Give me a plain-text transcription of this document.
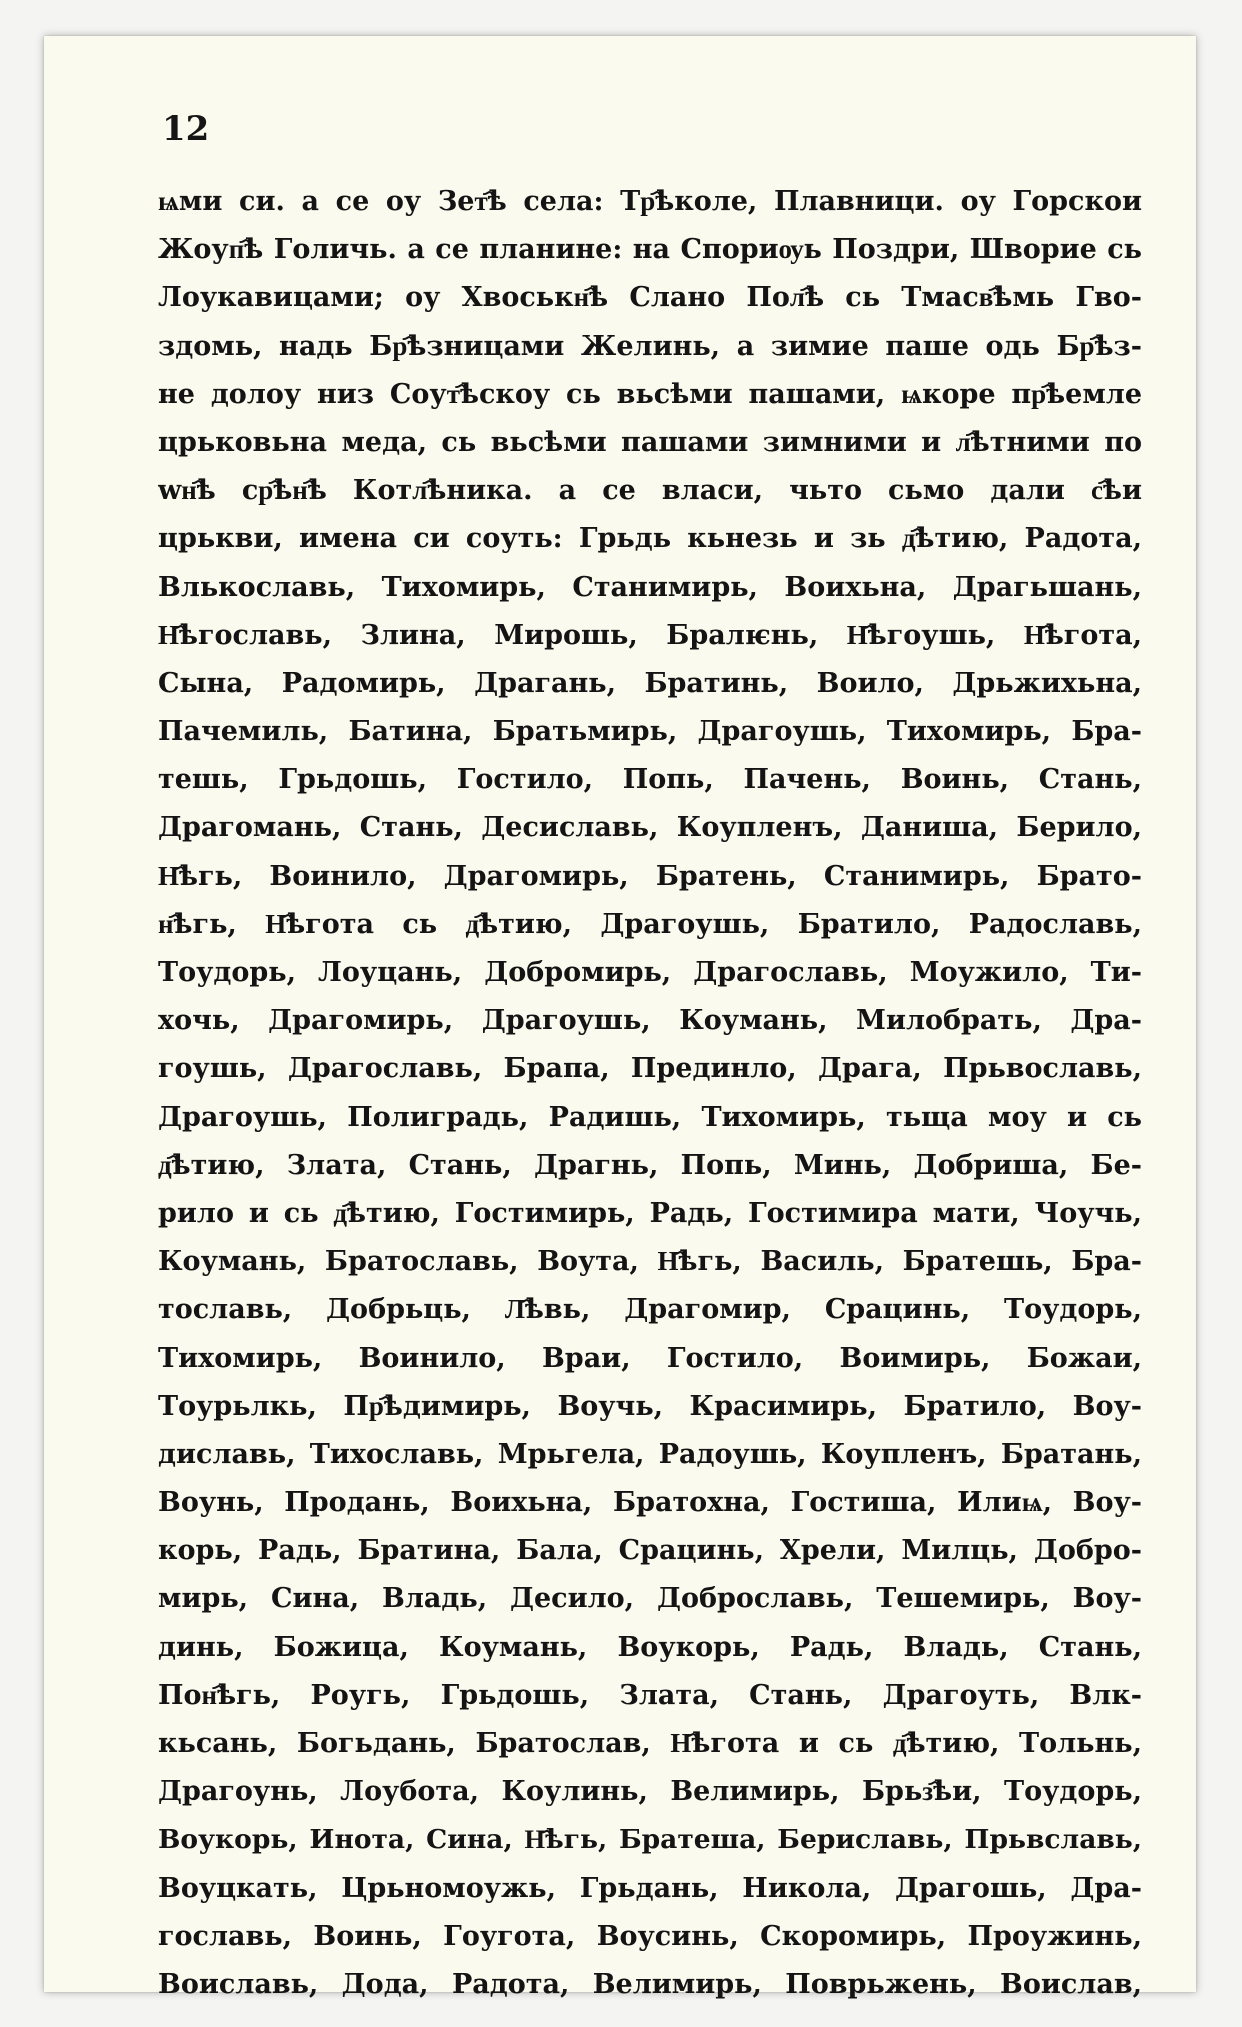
12
ѩми си. а се оу Зет҄ѣ села: Тр҄ѣколе, Плавници. оу Горскои
Жоуп҄ѣ Голичь. а се планине: на Спориѹь Поздри, Шворие сь
Лоукавицами; оу Хвоськн҄ѣ Слано Пол҄ѣ сь Тмасв҄ѣмь Гво-
здомь, надь Бр҄ѣзницами Желинь, а зимие паше одь Бр҄ѣз-
не долоу низ Соут҄ѣскоу сь вьсѣми пашами, ѩкоре пр҄ѣемле
црькoвьна меда, сь вьсѣми пашами зимними и л҄ѣтними по
wн҄ѣ ср҄ѣн҄ѣ Котл҄ѣника. а се власи, чьто сьмо дали с҄ѣи
црькви, имена си соуть: Грьдь кьнезь и зь д҄ѣтию, Радота,
Влькославь, Тихомирь, Станимирь, Воихьна, Драгьшань,
Н҄ѣгославь, Злина, Мирошь, Бралѥнь, Н҄ѣгоушь, Н҄ѣгота,
Сына, Радомирь, Драгань, Братинь, Воило, Дрьжихьна,
Пачемиль, Батина, Братьмирь, Драгоушь, Тихомирь, Бра-
тешь, Грьдошь, Гостило, Попь, Пачень, Воинь, Стань,
Драгомань, Стань, Десиславь, Коупленъ, Даниша, Берило,
Н҄ѣгь, Воинило, Драгомирь, Братень, Станимирь, Брато-
н҄ѣгь, Н҄ѣгота сь д҄ѣтию, Драгоушь, Братило, Радославь,
Тоудорь, Лоуцань, Добромирь, Драгославь, Моужило, Ти-
хочь, Драгомирь, Драгоушь, Коумань, Милобрать, Дра-
гоушь, Драгославь, Брапа, Прединло, Драга, Прьвославь,
Драгоушь, Полиградь, Радишь, Тихомирь, тьща моу и сь
д҄ѣтию, Злата, Стань, Драгнь, Попь, Минь, Добриша, Бе-
рило и сь д҄ѣтию, Гостимирь, Радь, Гостимира мати, Чоучь,
Коумань, Братославь, Воута, Н҄ѣгь, Василь, Братешь, Бра-
тославь, Добрьць, Л҄ѣвь, Драгомир, Срацинь, Тоудорь,
Тихомирь, Воинило, Враи, Гостило, Воимирь, Божаи,
Тоурьлкь, Пр҄ѣдимирь, Воучь, Красимирь, Братило, Воу-
диславь, Тихославь, Мрьгела, Радоушь, Коупленъ, Братань,
Воунь, Продань, Воихьна, Братохна, Гостиша, Илиѩ, Воу-
корь, Радь, Братина, Бала, Срацинь, Хрели, Милць, Добро-
мирь, Сина, Владь, Десило, Доброславь, Тешемирь, Воу-
динь, Божица, Коумань, Воукорь, Радь, Владь, Стань,
Пон҄ѣгь, Роугь, Грьдошь, Злата, Стань, Драгоуть, Влк-
кьсань, Богьдань, Братослав, Н҄ѣгота и сь д҄ѣтию, Тольнь,
Драгоунь, Лоубота, Коулинь, Велимирь, Брьз҄ѣи, Тоудорь,
Воукорь, Инота, Сина, Н҄ѣгь, Братеша, Бериславь, Прьвславь,
Воуцкать, Црьномоужь, Грьдань, Никола, Драгошь, Дра-
гославь, Воинь, Гоугота, Воусинь, Скоромирь, Проужинь,
Воиславь, Дода, Радота, Велимирь, Поврьжень, Воислав,
